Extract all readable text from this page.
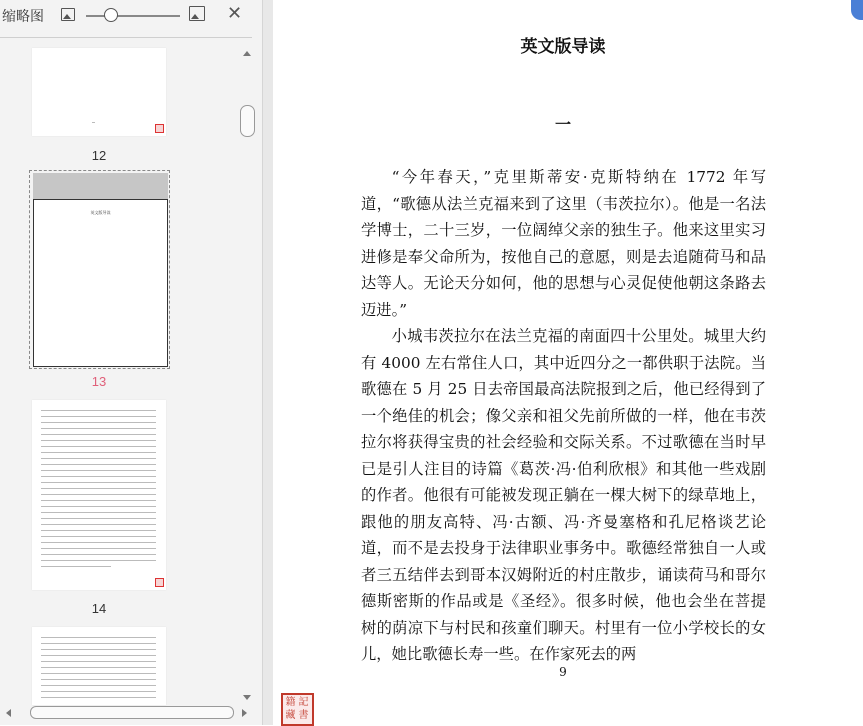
缩略图	✕
12
英文版导读
13
14
英文版导读
一

“今年春天，”克里斯蒂安·克斯特纳在 1772 年写道，“歌德从法兰克福来到了这里（韦茨拉尔）。他是一名法学博士，二十三岁，一位阔绰父亲的独生子。他来这里实习进修是奉父命所为，按他自己的意愿，则是去追随荷马和品达等人。无论天分如何，他的思想与心灵促使他朝这条路去迈进。”

小城韦茨拉尔在法兰克福的南面四十公里处。城里大约有 4000 左右常住人口，其中近四分之一都供职于法院。当歌德在 5 月 25 日去帝国最高法院报到之后，他已经得到了一个绝佳的机会；像父亲和祖父先前所做的一样，他在韦茨拉尔将获得宝贵的社会经验和交际关系。不过歌德在当时早已是引人注目的诗篇《葛茨·冯·伯利欣根》和其他一些戏剧的作者。他很有可能被发现正躺在一棵大树下的绿草地上，跟他的朋友高特、冯·古额、冯·齐曼塞格和孔尼格谈艺论道，而不是去投身于法律职业事务中。歌德经常独自一人或者三五结伴去到哥本汉姆附近的村庄散步，诵读荷马和哥尔德斯密斯的作品或是《圣经》。很多时候，他也会坐在菩提树的荫凉下与村民和孩童们聊天。村里有一位小学校长的女儿，她比歌德长寿一些。在作家死去的两

9
藏 書
記
籍
